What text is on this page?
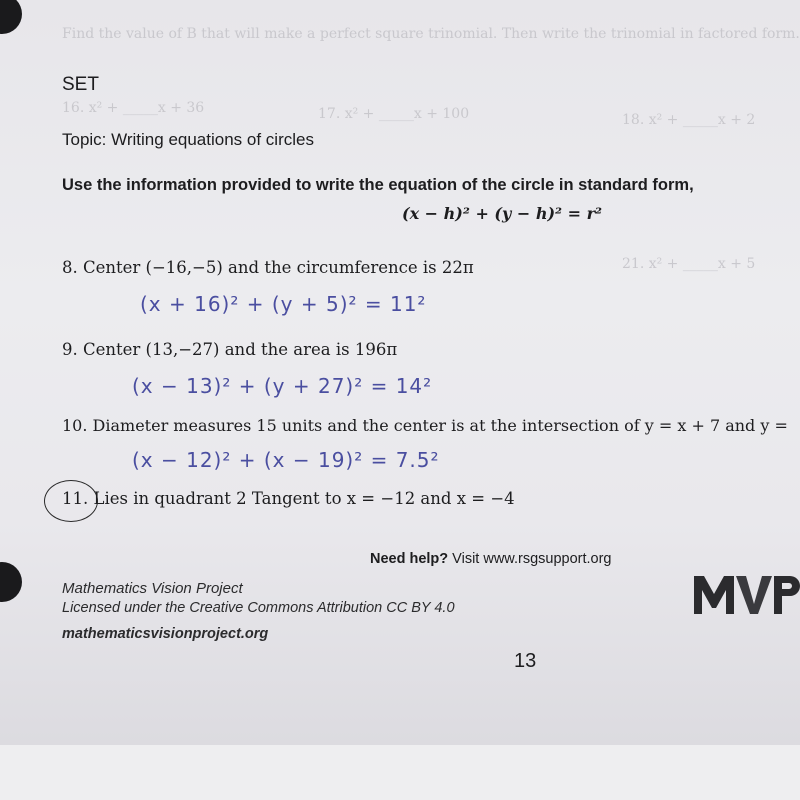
Find the value of B that will make a perfect square trinomial. Then write the trinomial in factored form.
16. x² + _____x + 36	17. x² + _____x + 100	18. x² + _____x + 2
21. x² + _____x + 5
SET
Topic: Writing equations of circles
Use the information provided to write the equation of the circle in standard form,
(x − h)² + (y − h)² = r²
8. Center (−16,−5) and the circumference is 22π
(x + 16)² + (y + 5)² = 11²
9. Center (13,−27) and the area is 196π
(x − 13)² + (y + 27)² = 14²
10. Diameter measures 15 units and the center is at the intersection of y = x + 7 and y =
(x − 12)² + (x − 19)² = 7.5²
11. Lies in quadrant 2 Tangent to x = −12 and x = −4
Need help? Visit www.rsgsupport.org
Mathematics Vision Project
Licensed under the Creative Commons Attribution CC BY 4.0
mathematicsvisionproject.org
13
